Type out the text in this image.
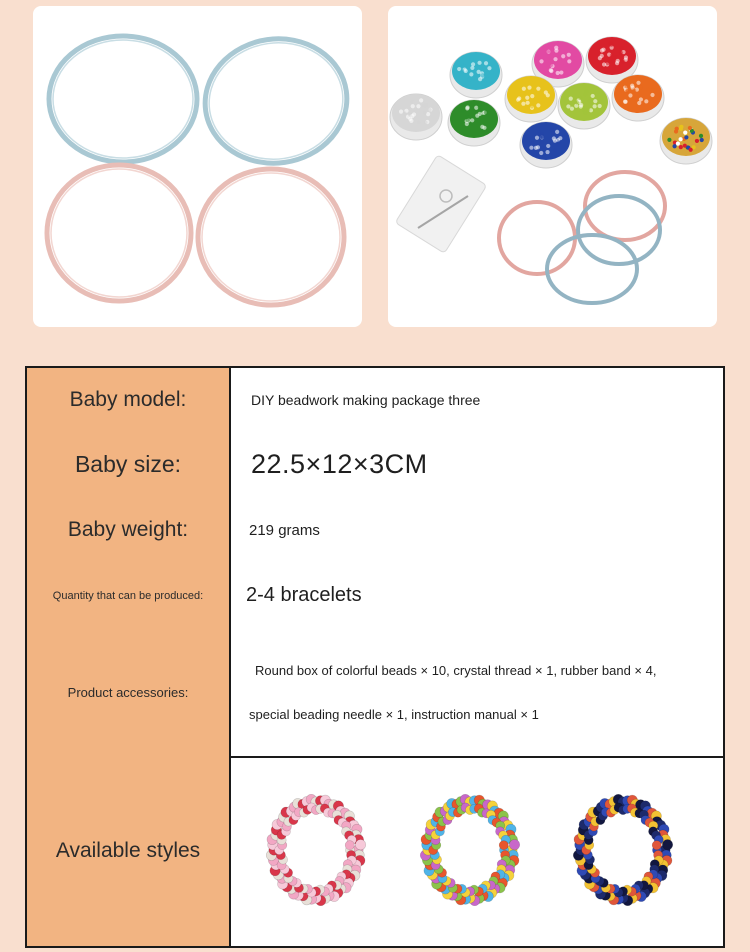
Baby model:	DIY beadwork making package three
Baby size:	22.5×12×3CM
Baby weight:	219 grams
Quantity that can be produced:	2-4 bracelets
Product accessories:
Round box of colorful beads × 10, crystal thread × 1, rubber band × 4,
special beading needle × 1, instruction manual × 1
Available styles
